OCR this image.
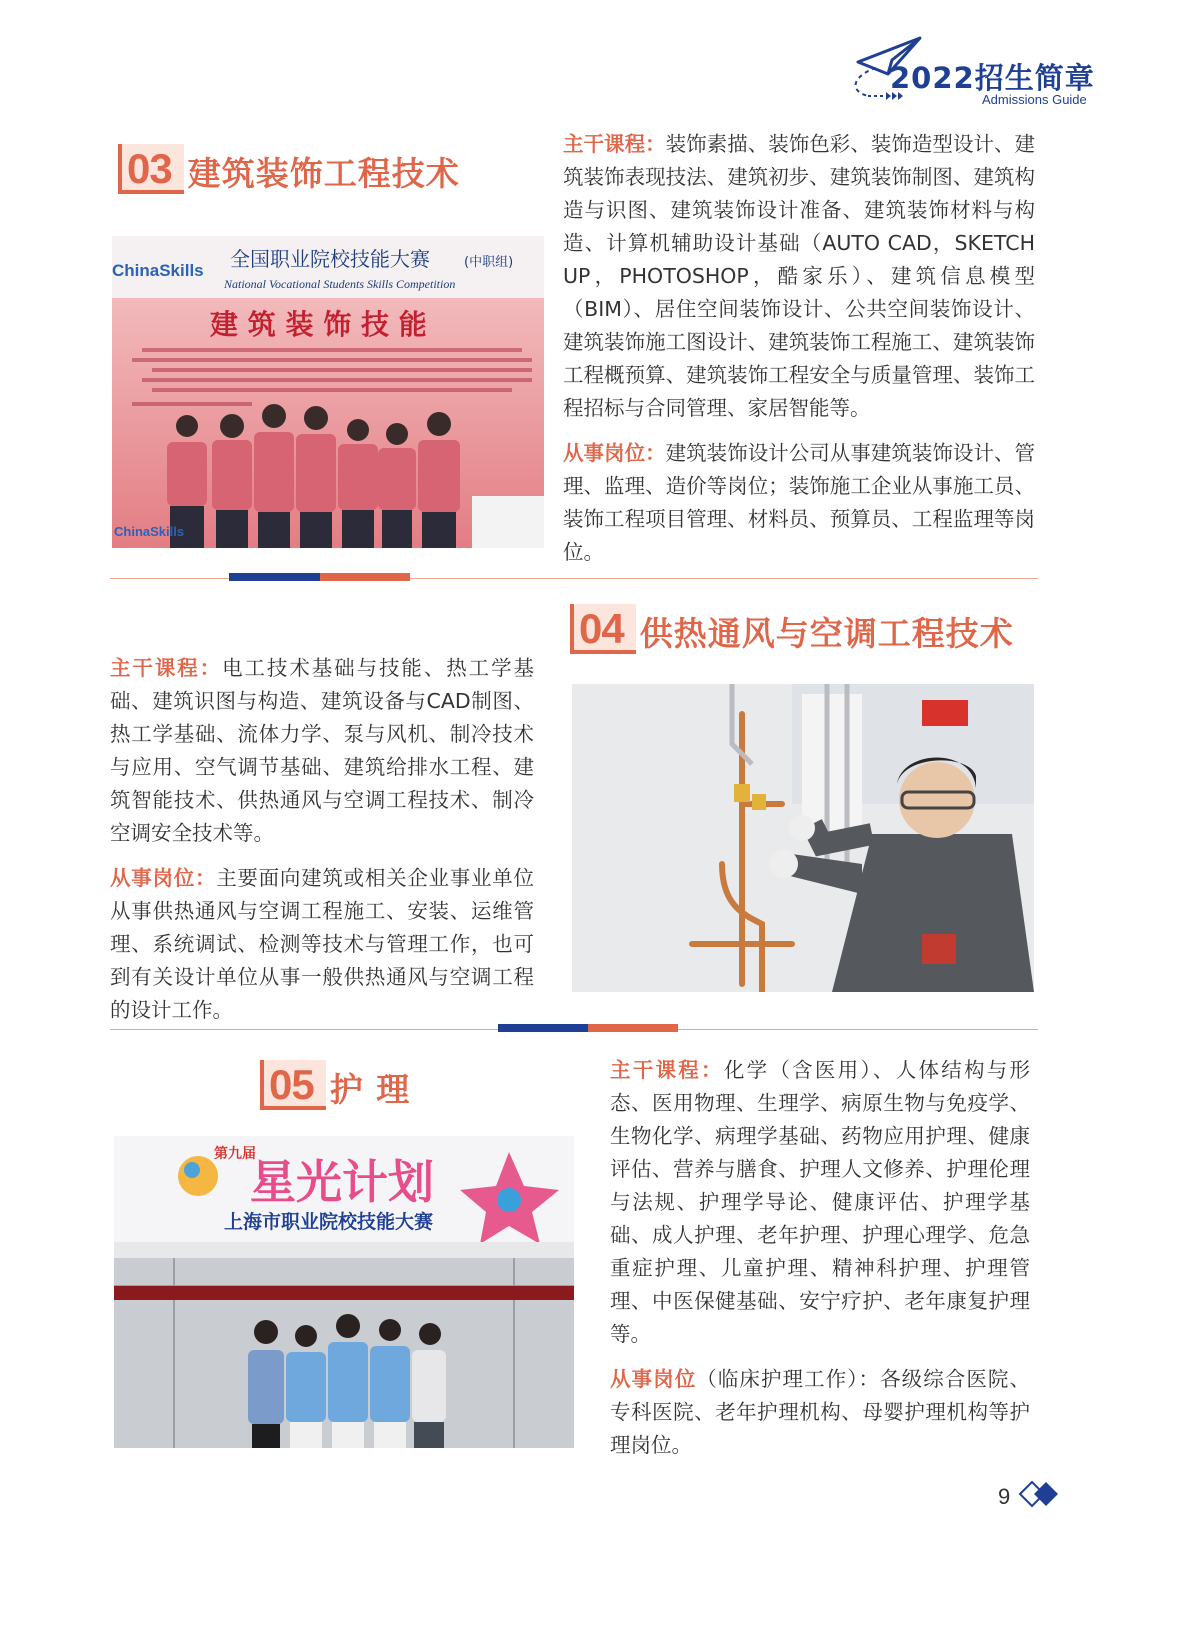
2022招生简章
Admissions Guide
03 建筑装饰工程技术
ChinaSkills 全国职业院校技能大赛	(中职组)
National Vocational Students Skills Competition
建 筑 装 饰 技 能
ChinaSkills

主干课程：装饰素描、装饰色彩、装饰造型设计、建筑装饰表现技法、建筑初步、建筑装饰制图、建筑构造与识图、建筑装饰设计准备、建筑装饰材料与构造、计算机辅助设计基础（AUTO CAD，SKETCH UP，PHOTOSHOP，酷家乐）、建筑信息模型（BIM）、居住空间装饰设计、公共空间装饰设计、建筑装饰施工图设计、建筑装饰工程施工、建筑装饰工程概预算、建筑装饰工程安全与质量管理、装饰工程招标与合同管理、家居智能等。

从事岗位：建筑装饰设计公司从事建筑装饰设计、管理、监理、造价等岗位；装饰施工企业从事施工员、装饰工程项目管理、材料员、预算员、工程监理等岗位。

04 供热通风与空调工程技术

主干课程：电工技术基础与技能、热工学基础、建筑识图与构造、建筑设备与CAD制图、热工学基础、流体力学、泵与风机、制冷技术与应用、空气调节基础、建筑给排水工程、建筑智能技术、供热通风与空调工程技术、制冷空调安全技术等。

从事岗位：主要面向建筑或相关企业事业单位从事供热通风与空调工程施工、安装、运维管理、系统调试、检测等技术与管理工作，也可到有关设计单位从事一般供热通风与空调工程的设计工作。

05 护 理
第九届
星光计划
上海市职业院校技能大赛

主干课程：化学（含医用）、人体结构与形态、医用物理、生理学、病原生物与免疫学、生物化学、病理学基础、药物应用护理、健康评估、营养与膳食、护理人文修养、护理伦理与法规、护理学导论、健康评估、护理学基础、成人护理、老年护理、护理心理学、危急重症护理、儿童护理、精神科护理、护理管理、中医保健基础、安宁疗护、老年康复护理等。

从事岗位（临床护理工作）：各级综合医院、专科医院、老年护理机构、母婴护理机构等护理岗位。

9
